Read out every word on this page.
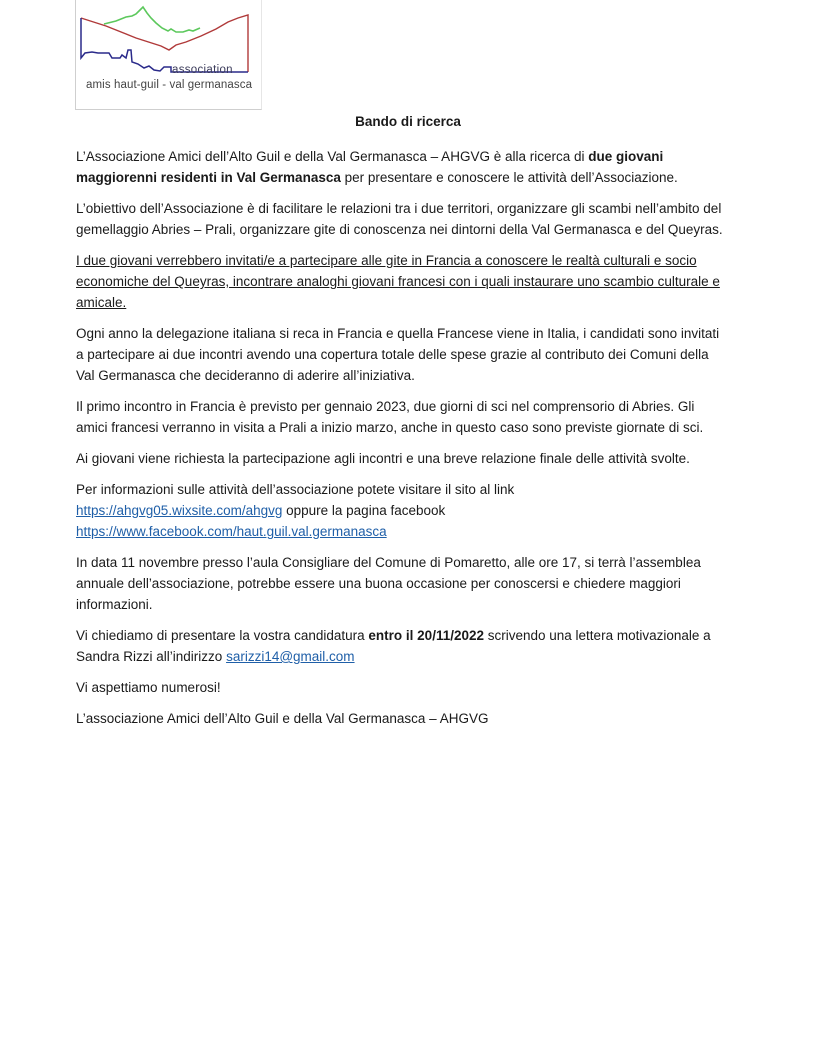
association
amis haut-guil - val germanasca
Bando di ricerca

L’Associazione Amici dell’Alto Guil e della Val Germanasca – AHGVG è alla ricerca di due giovani maggiorenni residenti in Val Germanasca per presentare e conoscere le attività dell’Associazione.

L’obiettivo dell’Associazione è di facilitare le relazioni tra i due territori, organizzare gli scambi nell’ambito del gemellaggio Abries – Prali, organizzare gite di conoscenza nei dintorni della Val Germanasca e del Queyras.

I due giovani verrebbero invitati/e a partecipare alle gite in Francia a conoscere le realtà culturali e socio economiche del Queyras, incontrare analoghi giovani francesi con i quali instaurare uno scambio culturale e amicale.

Ogni anno la delegazione italiana si reca in Francia e quella Francese viene in Italia, i candidati sono invitati a partecipare ai due incontri avendo una copertura totale delle spese grazie al contributo dei Comuni della Val Germanasca che decideranno di aderire all’iniziativa.

Il primo incontro in Francia è previsto per gennaio 2023, due giorni di sci nel comprensorio di Abries. Gli amici francesi verranno in visita a Prali a inizio marzo, anche in questo caso sono previste giornate di sci.

Ai giovani viene richiesta la partecipazione agli incontri e una breve relazione finale delle attività svolte.

Per informazioni sulle attività dell’associazione potete visitare il sito al link
https://ahgvg05.wixsite.com/ahgvg oppure la pagina facebook
https://www.facebook.com/haut.guil.val.germanasca

In data 11 novembre presso l’aula Consigliare del Comune di Pomaretto, alle ore 17, si terrà l’assemblea annuale dell’associazione, potrebbe essere una buona occasione per conoscersi e chiedere maggiori informazioni.

Vi chiediamo di presentare la vostra candidatura entro il 20/11/2022 scrivendo una lettera motivazionale a Sandra Rizzi all’indirizzo sarizzi14@gmail.com

Vi aspettiamo numerosi!

L’associazione Amici dell’Alto Guil e della Val Germanasca – AHGVG
